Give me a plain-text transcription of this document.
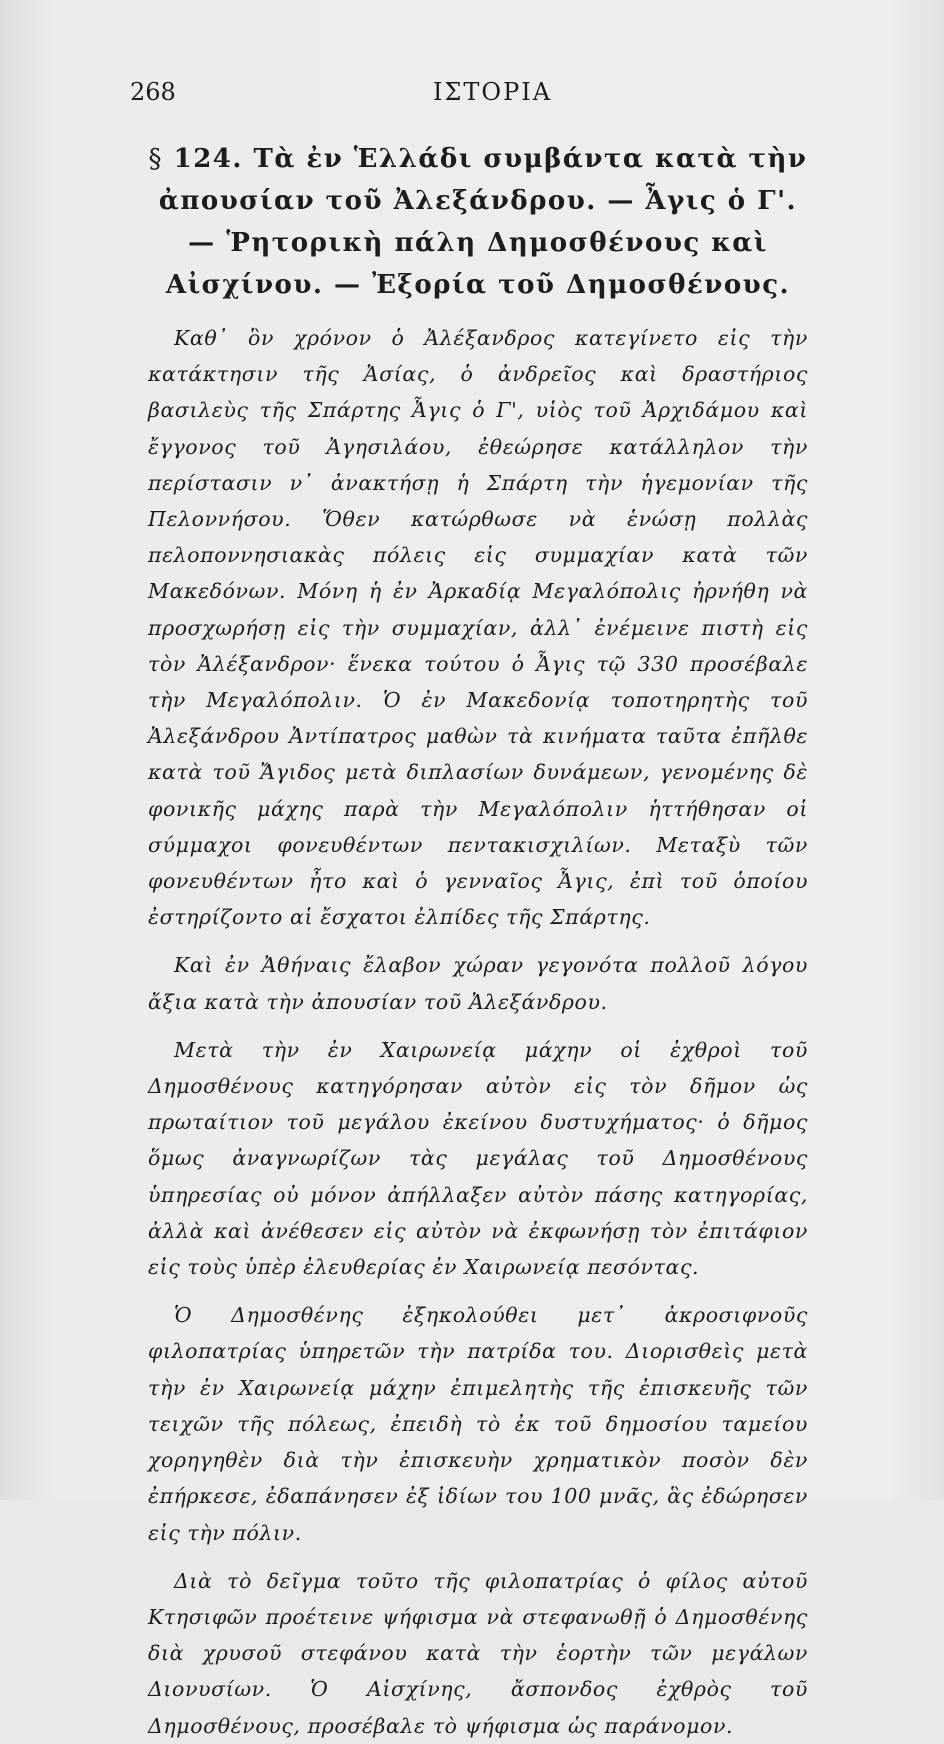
268	ΙΣΤΟΡΙΑ
§ 124. Τὰ ἐν Ἑλλάδι συμβάντα κατὰ τὴν ἀπουσίαν τοῦ Ἀλεξάνδρου. — Ἆγις ὁ Γ'. — Ῥητορικὴ πάλη Δημοσθένους καὶ Αἰσχίνου. — Ἐξορία τοῦ Δημοσθένους.

Καθ᾿ ὃν χρόνον ὁ Ἀλέξανδρος κατεγίνετο εἰς τὴν κατάκτησιν τῆς Ἀσίας, ὁ ἀνδρεῖος καὶ δραστήριος βασιλεὺς τῆς Σπάρτης Ἆγις ὁ Γ', υἱὸς τοῦ Ἀρχιδάμου καὶ ἔγγονος τοῦ Ἀγησιλάου, ἐθεώρησε κατάλληλον τὴν περίστασιν ν᾿ ἀνακτήσῃ ἡ Σπάρτη τὴν ἡγεμονίαν τῆς Πελοννήσου. Ὅθεν κατώρθωσε νὰ ἑνώσῃ πολλὰς πελοποννησιακὰς πόλεις εἰς συμμαχίαν κατὰ τῶν Μακεδόνων. Μόνη ἡ ἐν Ἀρκαδίᾳ Μεγαλόπολις ἠρνήθη νὰ προσχωρήσῃ εἰς τὴν συμμαχίαν, ἀλλ᾿ ἐνέμεινε πιστὴ εἰς τὸν Ἀλέξανδρον· ἕνεκα τούτου ὁ Ἆγις τῷ 330 προσέβαλε τὴν Μεγαλόπολιν. Ὁ ἐν Μακεδονίᾳ τοποτηρητὴς τοῦ Ἀλεξάνδρου Ἀντίπατρος μαθὼν τὰ κινήματα ταῦτα ἐπῆλθε κατὰ τοῦ Ἄγιδος μετὰ διπλασίων δυνάμεων, γενομένης δὲ φονικῆς μάχης παρὰ τὴν Μεγαλόπολιν ἡττήθησαν οἱ σύμμαχοι φονευθέντων πεντακισχιλίων. Μεταξὺ τῶν φονευθέντων ἦτο καὶ ὁ γενναῖος Ἆγις, ἐπὶ τοῦ ὁποίου ἐστηρίζοντο αἱ ἔσχατοι ἐλπίδες τῆς Σπάρτης.

Καὶ ἐν Ἀθήναις ἔλαβον χώραν γεγονότα πολλοῦ λόγου ἄξια κατὰ τὴν ἀπουσίαν τοῦ Ἀλεξάνδρου.

Μετὰ τὴν ἐν Χαιρωνείᾳ μάχην οἱ ἐχθροὶ τοῦ Δημοσθένους κατηγόρησαν αὐτὸν εἰς τὸν δῆμον ὡς πρωταίτιον τοῦ μεγάλου ἐκείνου δυστυχήματος· ὁ δῆμος ὅμως ἀναγνωρίζων τὰς μεγάλας τοῦ Δημοσθένους ὑπηρεσίας οὐ μόνον ἀπήλλαξεν αὐτὸν πάσης κατηγορίας, ἀλλὰ καὶ ἀνέθεσεν εἰς αὐτὸν νὰ ἐκφωνήσῃ τὸν ἐπιτάφιον εἰς τοὺς ὑπὲρ ἐλευθερίας ἐν Χαιρωνείᾳ πεσόντας.

Ὁ Δημοσθένης ἐξηκολούθει μετ᾿ ἀκροσιφνοῦς φιλοπατρίας ὑπηρετῶν τὴν πατρίδα του. Διορισθεὶς μετὰ τὴν ἐν Χαιρωνείᾳ μάχην ἐπιμελητὴς τῆς ἐπισκευῆς τῶν τειχῶν τῆς πόλεως, ἐπειδὴ τὸ ἐκ τοῦ δημοσίου ταμείου χορηγηθὲν διὰ τὴν ἐπισκευὴν χρηματικὸν ποσὸν δὲν ἐπήρκεσε, ἐδαπάνησεν ἐξ ἰδίων του 100 μνᾶς, ἃς ἐδώρησεν εἰς τὴν πόλιν.

Διὰ τὸ δεῖγμα τοῦτο τῆς φιλοπατρίας ὁ φίλος αὐτοῦ Κτησιφῶν προέτεινε ψήφισμα νὰ στεφανωθῇ ὁ Δημοσθένης διὰ χρυσοῦ στεφάνου κατὰ τὴν ἑορτὴν τῶν μεγάλων Διονυσίων. Ὁ Αἰσχίνης, ἄσπονδος ἐχθρὸς τοῦ Δημοσθένους, προσέβαλε τὸ ψήφισμα ὡς παράνομον.
